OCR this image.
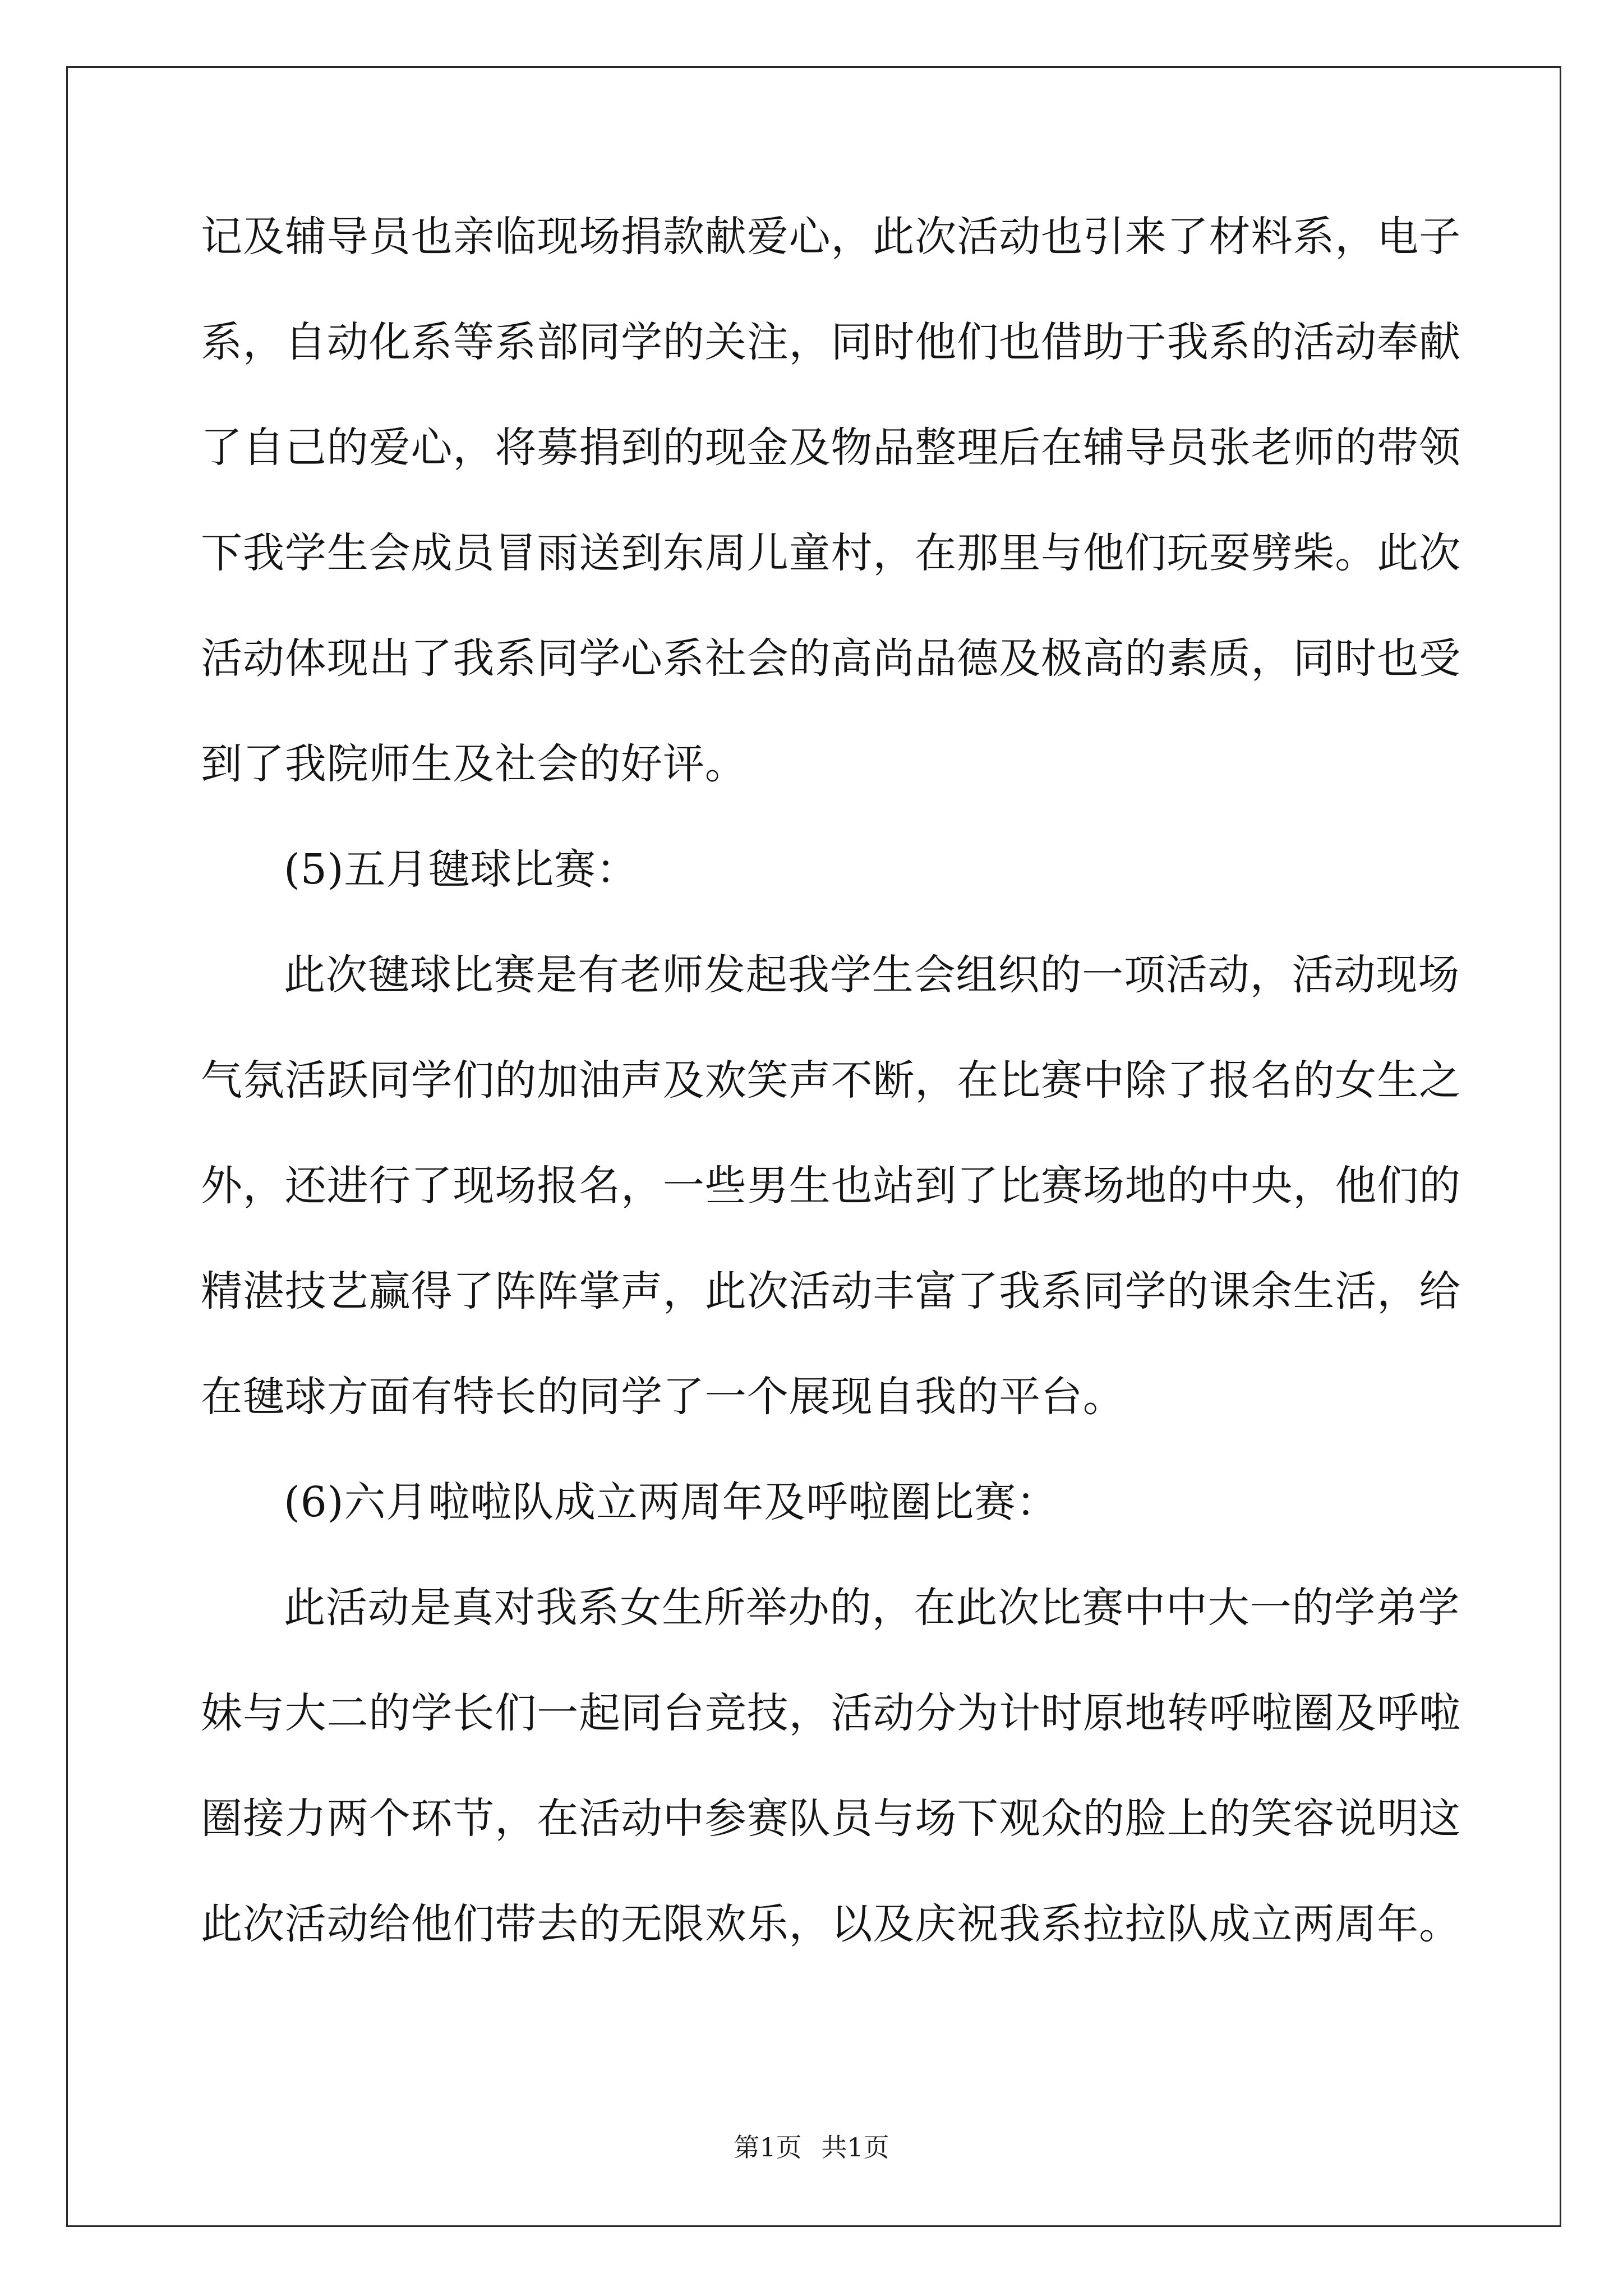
记及辅导员也亲临现场捐款献爱心，此次活动也引来了材料系，电子
系，自动化系等系部同学的关注，同时他们也借助于我系的活动奉献
了自己的爱心，将募捐到的现金及物品整理后在辅导员张老师的带领
下我学生会成员冒雨送到东周儿童村，在那里与他们玩耍劈柴。此次
活动体现出了我系同学心系社会的高尚品德及极高的素质，同时也受
到了我院师生及社会的好评。
(5)五月毽球比赛：
此次毽球比赛是有老师发起我学生会组织的一项活动，活动现场
气氛活跃同学们的加油声及欢笑声不断，在比赛中除了报名的女生之
外，还进行了现场报名，一些男生也站到了比赛场地的中央，他们的
精湛技艺赢得了阵阵掌声，此次活动丰富了我系同学的课余生活，给
在毽球方面有特长的同学了一个展现自我的平台。
(6)六月啦啦队成立两周年及呼啦圈比赛：
此活动是真对我系女生所举办的，在此次比赛中中大一的学弟学
妹与大二的学长们一起同台竞技，活动分为计时原地转呼啦圈及呼啦
圈接力两个环节，在活动中参赛队员与场下观众的脸上的笑容说明这
此次活动给他们带去的无限欢乐，以及庆祝我系拉拉队成立两周年。
第1页 共1页
